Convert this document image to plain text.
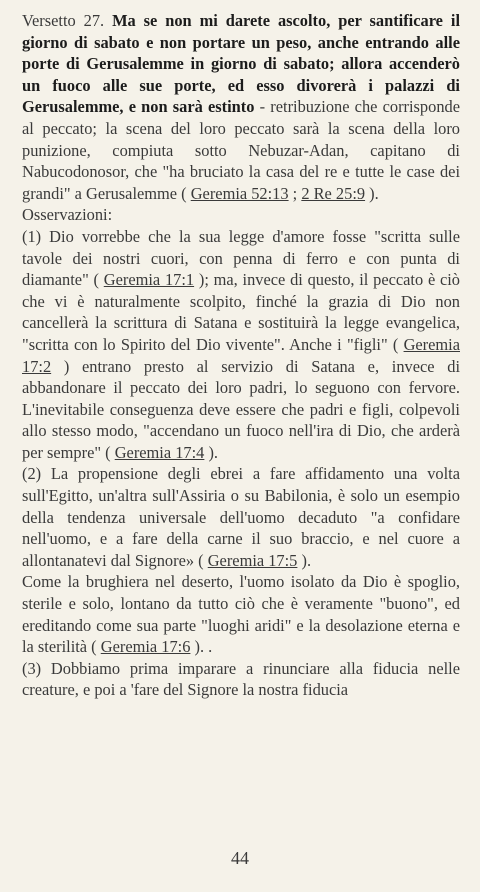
Versetto 27. Ma se non mi darete ascolto, per santificare il giorno di sabato e non portare un peso, anche entrando alle porte di Gerusalemme in giorno di sabato; allora accenderò un fuoco alle sue porte, ed esso divorerà i palazzi di Gerusalemme, e non sarà estinto - retribuzione che corrisponde al peccato; la scena del loro peccato sarà la scena della loro punizione, compiuta sotto Nebuzar-Adan, capitano di Nabucodonosor, che "ha bruciato la casa del re e tutte le case dei grandi" a Gerusalemme ( Geremia 52:13 ; 2 Re 25:9 ).

Osservazioni:

(1) Dio vorrebbe che la sua legge d'amore fosse "scritta sulle tavole dei nostri cuori, con penna di ferro e con punta di diamante" ( Geremia 17:1 ); ma, invece di questo, il peccato è ciò che vi è naturalmente scolpito, finché la grazia di Dio non cancellerà la scrittura di Satana e sostituirà la legge evangelica, "scritta con lo Spirito del Dio vivente". Anche i "figli" ( Geremia 17:2 ) entrano presto al servizio di Satana e, invece di abbandonare il peccato dei loro padri, lo seguono con fervore. L'inevitabile conseguenza deve essere che padri e figli, colpevoli allo stesso modo, "accendano un fuoco nell'ira di Dio, che arderà per sempre" ( Geremia 17:4 ).

(2) La propensione degli ebrei a fare affidamento una volta sull'Egitto, un'altra sull'Assiria o su Babilonia, è solo un esempio della tendenza universale dell'uomo decaduto "a confidare nell'uomo, e a fare della carne il suo braccio, e nel cuore a allontanatevi dal Signore» ( Geremia 17:5 ).

Come la brughiera nel deserto, l'uomo isolato da Dio è spoglio, sterile e solo, lontano da tutto ciò che è veramente "buono", ed ereditando come sua parte "luoghi aridi" e la desolazione eterna e la sterilità ( Geremia 17:6 ). .

(3) Dobbiamo prima imparare a rinunciare alla fiducia nelle creature, e poi a 'fare del Signore la nostra fiducia

44
